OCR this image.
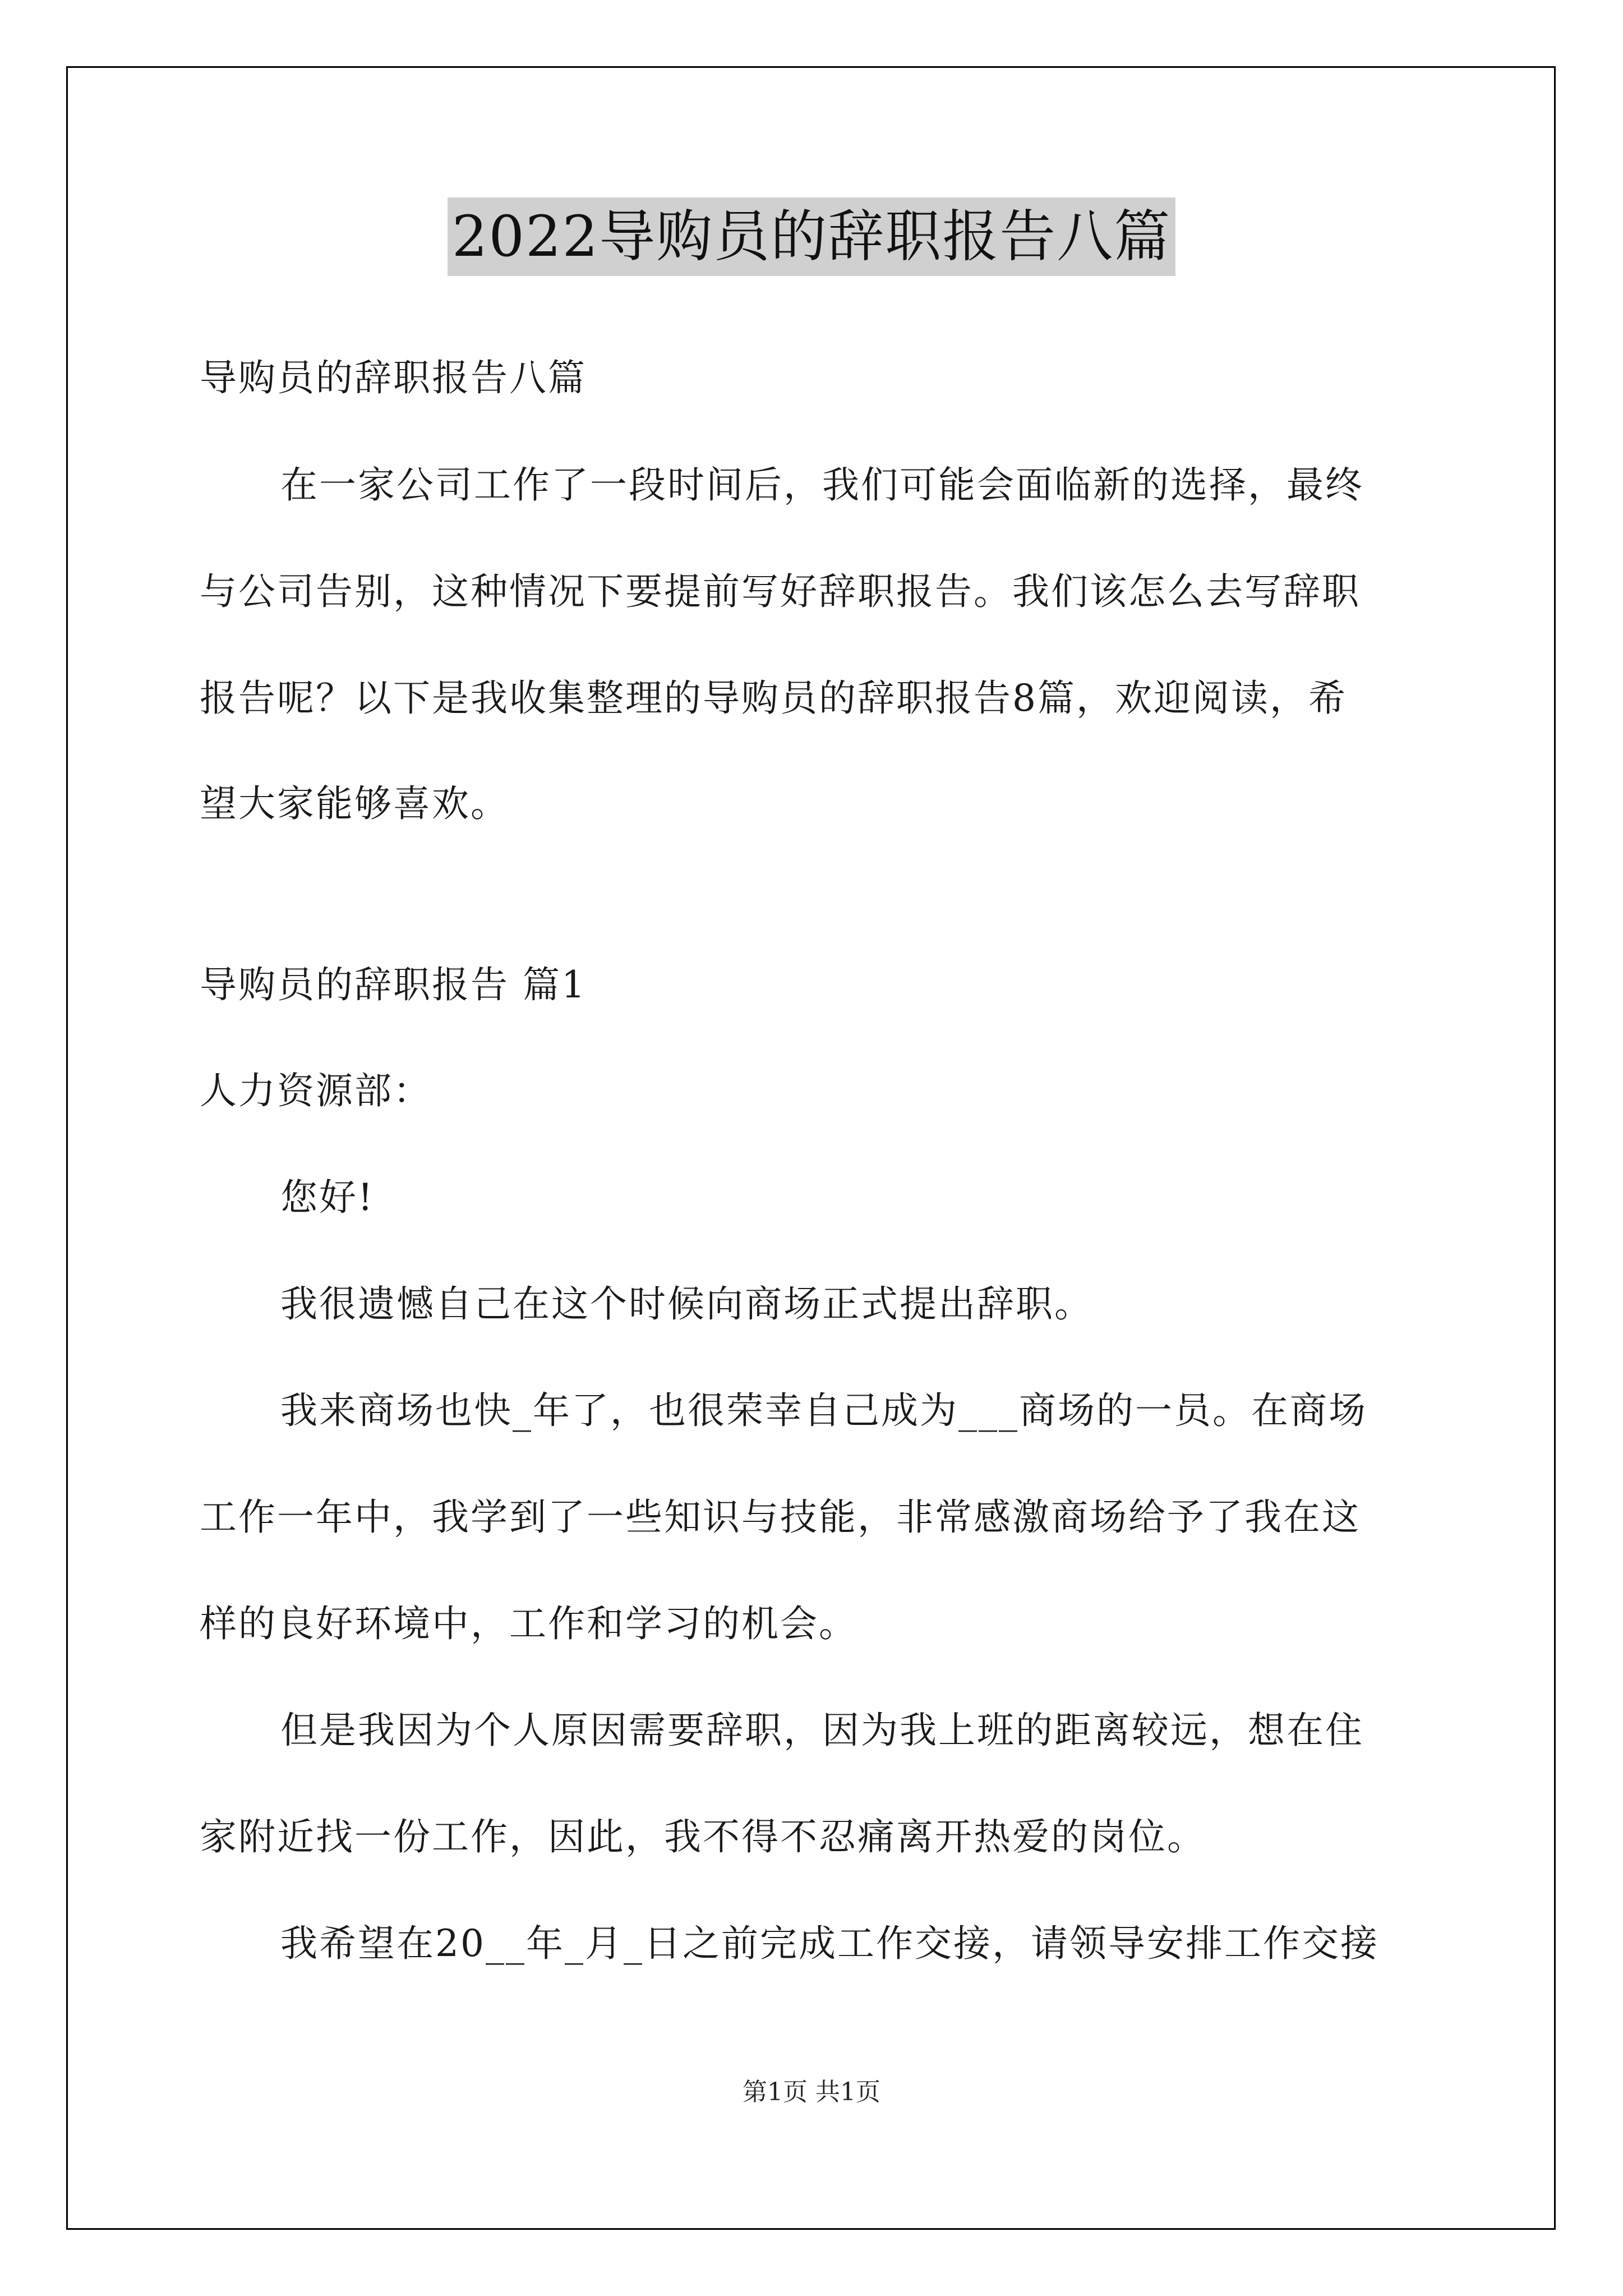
2022导购员的辞职报告八篇
导购员的辞职报告八篇
在一家公司工作了一段时间后，我们可能会面临新的选择，最终
与公司告别，这种情况下要提前写好辞职报告。我们该怎么去写辞职
报告呢？以下是我收集整理的导购员的辞职报告8篇，欢迎阅读，希
望大家能够喜欢。
导购员的辞职报告 篇1
人力资源部：
您好!
我很遗憾自己在这个时候向商场正式提出辞职。
我来商场也快_年了，也很荣幸自己成为___商场的一员。在商场
工作一年中，我学到了一些知识与技能，非常感激商场给予了我在这
样的良好环境中，工作和学习的机会。
但是我因为个人原因需要辞职，因为我上班的距离较远，想在住
家附近找一份工作，因此，我不得不忍痛离开热爱的岗位。
我希望在20__年_月_日之前完成工作交接，请领导安排工作交接
第1页 共1页
